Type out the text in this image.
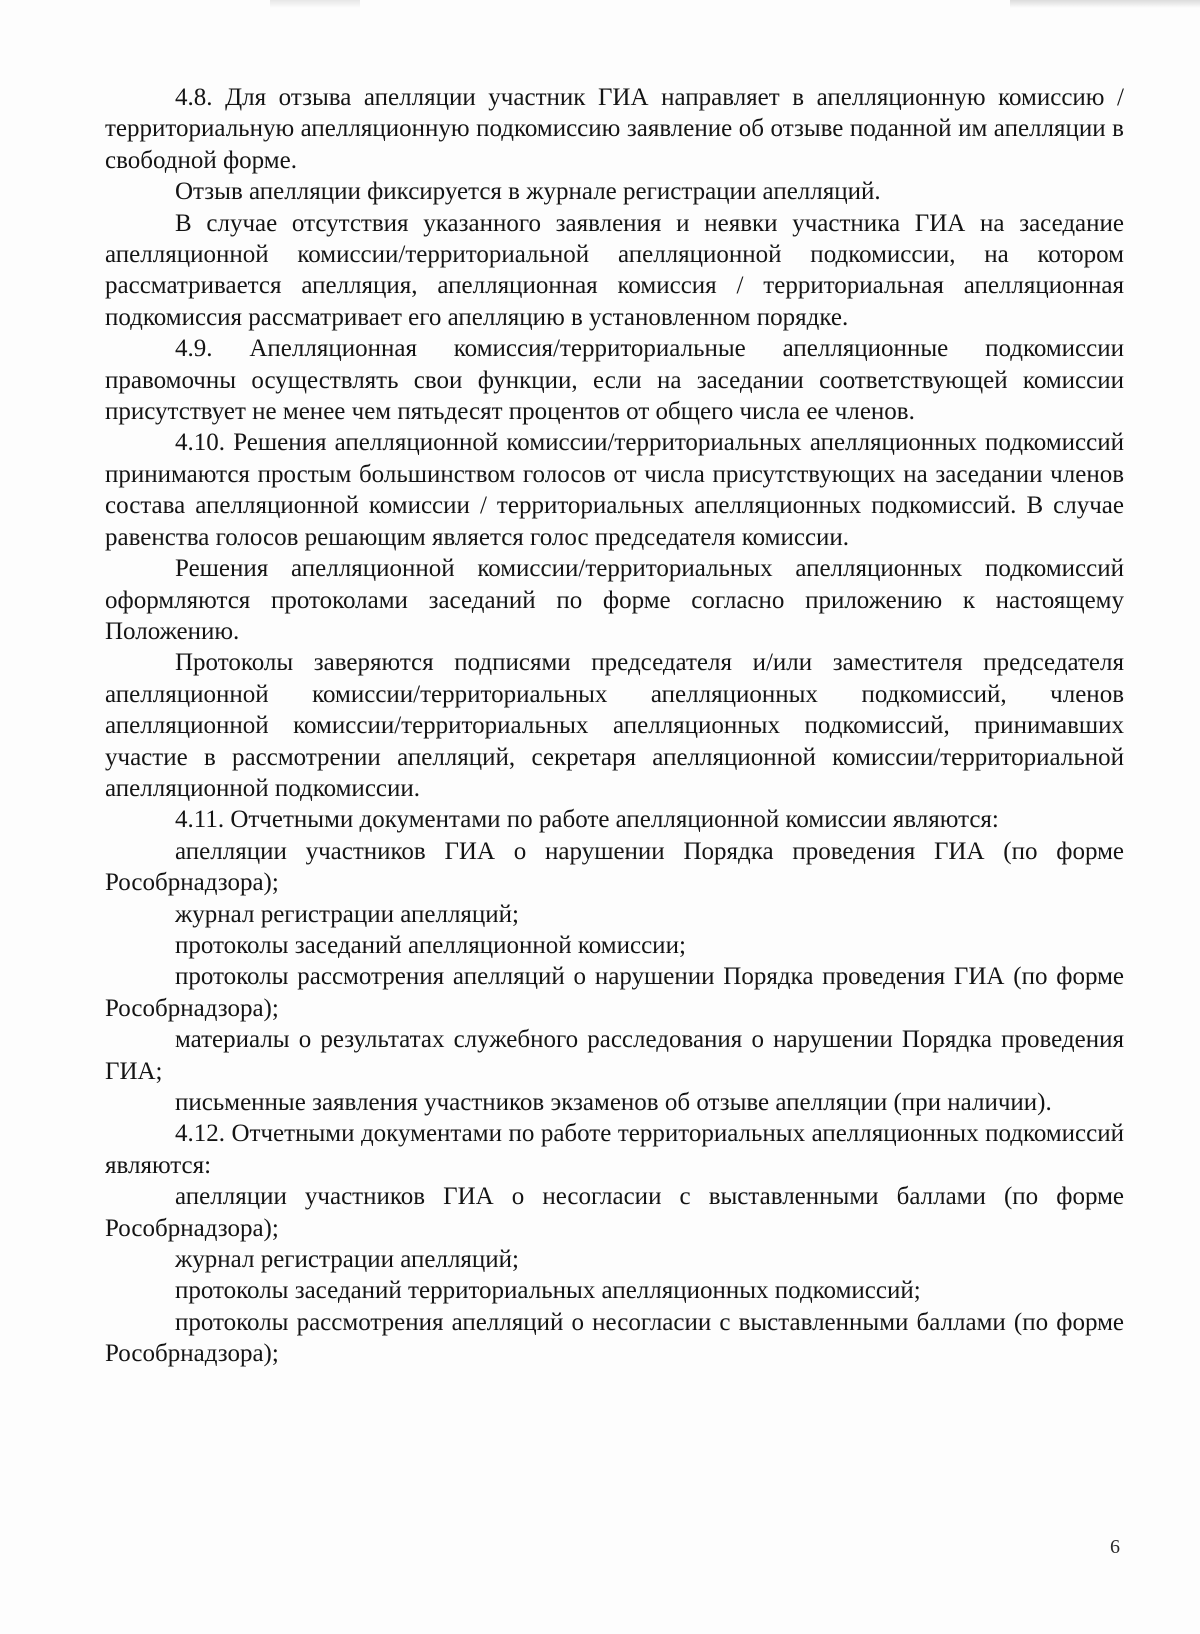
4.8. Для отзыва апелляции участник ГИА направляет в апелляционную комиссию / территориальную апелляционную подкомиссию заявление об отзыве поданной им апелляции в свободной форме.

Отзыв апелляции фиксируется в журнале регистрации апелляций.

В случае отсутствия указанного заявления и неявки участника ГИА на заседание апелляционной комиссии/территориальной апелляционной подкомиссии, на котором рассматривается апелляция, апелляционная комиссия / территориальная апелляционная подкомиссия рассматривает его апелляцию в установленном порядке.

4.9. Апелляционная комиссия/территориальные апелляционные подкомиссии правомочны осуществлять свои функции, если на заседании соответствующей комиссии присутствует не менее чем пятьдесят процентов от общего числа ее членов.

4.10. Решения апелляционной комиссии/территориальных апелляционных подкомиссий принимаются простым большинством голосов от числа присутствующих на заседании членов состава апелляционной комиссии / территориальных апелляционных подкомиссий. В случае равенства голосов решающим является голос председателя комиссии.

Решения апелляционной комиссии/территориальных апелляционных подкомиссий оформляются протоколами заседаний по форме согласно приложению к настоящему Положению.

Протоколы заверяются подписями председателя и/или заместителя председателя апелляционной комиссии/территориальных апелляционных подкомиссий, членов апелляционной комиссии/территориальных апелляционных подкомиссий, принимавших участие в рассмотрении апелляций, секретаря апелляционной комиссии/территориальной апелляционной подкомиссии.

4.11. Отчетными документами по работе апелляционной комиссии являются:

апелляции участников ГИА о нарушении Порядка проведения ГИА (по форме Рособрнадзора);

журнал регистрации апелляций;

протоколы заседаний апелляционной комиссии;

протоколы рассмотрения апелляций о нарушении Порядка проведения ГИА (по форме Рособрнадзора);

материалы о результатах служебного расследования о нарушении Порядка проведения ГИА;

письменные заявления участников экзаменов об отзыве апелляции (при наличии).

4.12. Отчетными документами по работе территориальных апелляционных подкомиссий являются:

апелляции участников ГИА о несогласии с выставленными баллами (по форме Рособрнадзора);

журнал регистрации апелляций;

протоколы заседаний территориальных апелляционных подкомиссий;

протоколы рассмотрения апелляций о несогласии с выставленными баллами (по форме Рособрнадзора);

6
